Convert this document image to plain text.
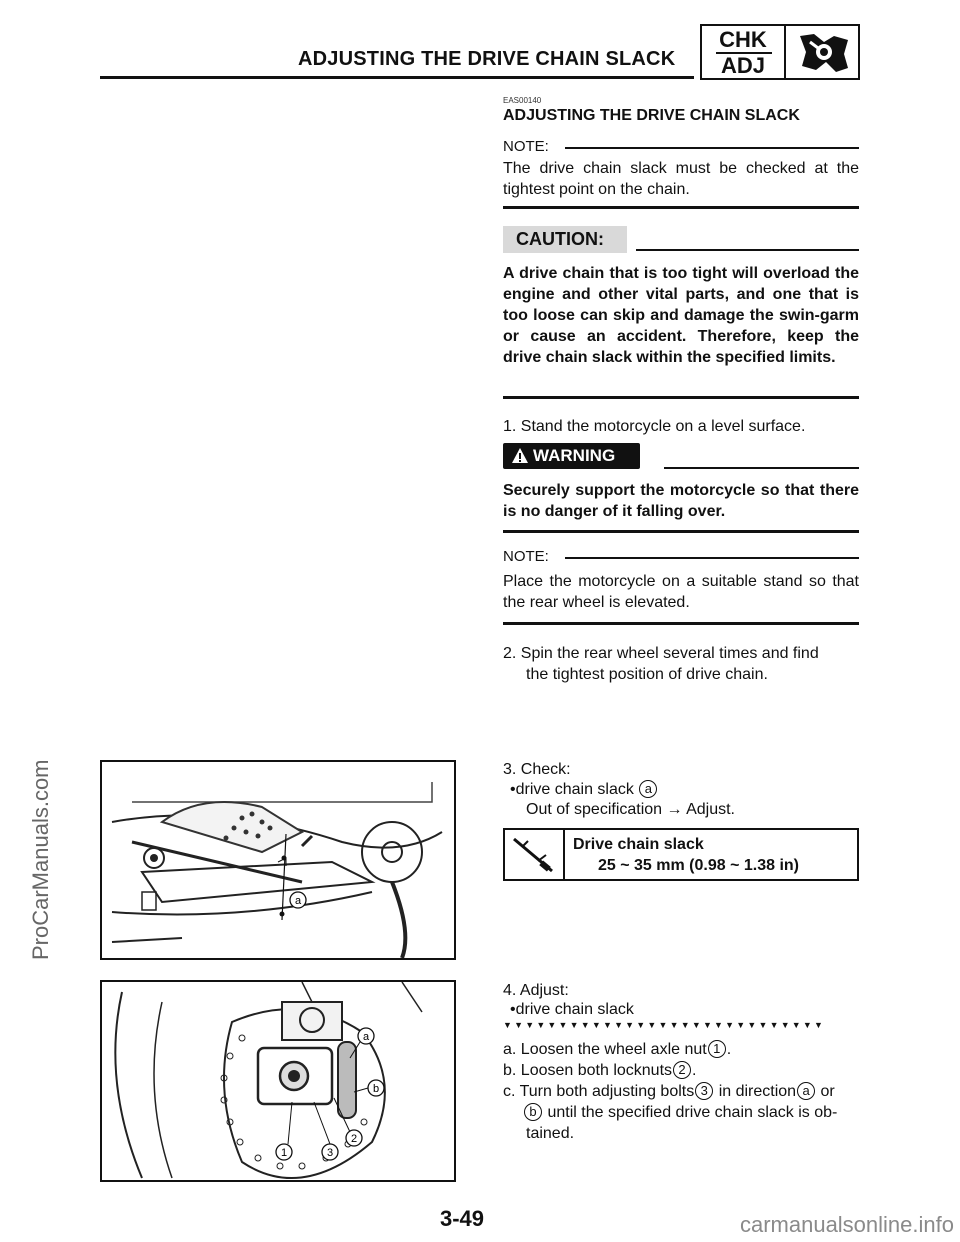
ADJUSTING THE DRIVE CHAIN SLACK
CHK
ADJ
ProCarManuals.com
carmanualsonline.info
EAS00140
ADJUSTING THE DRIVE CHAIN SLACK
NOTE:
The drive chain slack must be checked at the tightest point on the chain.
CAUTION:
A drive chain that is too tight will overload the engine and other vital parts, and one that is too loose can skip and damage the swin-garm or cause an accident. Therefore, keep the drive chain slack within the specified limits.
1. Stand the motorcycle on a level surface.
WARNING
Securely support the motorcycle so that there is no danger of it falling over.
NOTE:
Place the motorcycle on a suitable stand so that the rear wheel is elevated.
2. Spin the rear wheel several times and find
the tightest position of drive chain.
3. Check:
•drive chain slack a
Out of specification → Adjust.
Drive chain slack
25 ~ 35 mm (0.98 ~ 1.38 in)
4. Adjust:
•drive chain slack
▼▼▼▼▼▼▼▼▼▼▼▼▼▼▼▼▼▼▼▼▼▼▼▼▼▼▼▼▼
a. Loosen the wheel axle nut 1 .
b. Loosen both locknuts 2 .
c. Turn both adjusting bolts 3 in direction a or
b until the specified drive chain slack is ob-
tained.
a
a
b
1
2
3
3-49
